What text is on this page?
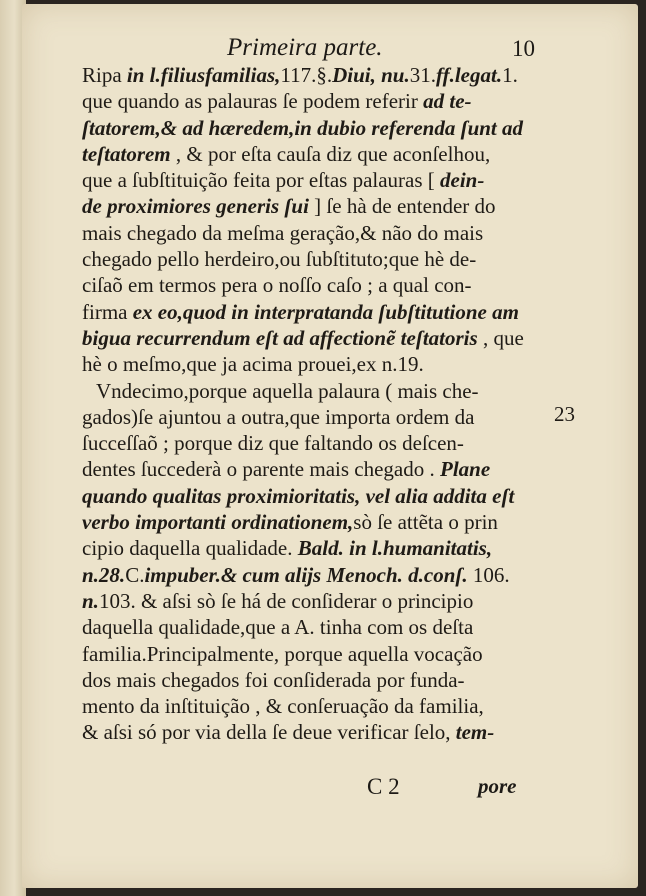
Primeira parte.	10
Ripa in l.filiusfamilias,117.§.Diui, nu.31.ff.legat.1.
que quando as palauras ſe podem referir ad te-
ſtatorem,& ad hæredem,in dubio referenda ſunt ad
teſtatorem , & por eſta cauſa diz que aconſelhou,
que a ſubſtituição feita por eſtas palauras [ dein-
de proximiores generis ſui ] ſe hà de entender do
mais chegado da meſma geração,& não do mais
chegado pello herdeiro,ou ſubſtituto;que hè de-
ciſaõ em termos pera o noſſo caſo ; a qual con-
firma ex eo,quod in interpratanda ſubſtitutione am
bigua recurrendum eſt ad affectionẽ teſtatoris , que
hè o meſmo,que ja acima prouei,ex n.19.
Vndecimo,porque aquella palaura ( mais che-
gados)ſe ajuntou a outra,que importa ordem da
ſucceſſaõ ; porque diz que faltando os deſcen-
dentes ſuccederà o parente mais chegado . Plane
quando qualitas proximioritatis, vel alia addita eſt
verbo importanti ordinationem,sò ſe attẽta o prin
cipio daquella qualidade. Bald. in l.humanitatis,
n.28.C.impuber.& cum alijs Menoch. d.conſ. 106.
n.103. & aſsi sò ſe há de conſiderar o principio
daquella qualidade,que a A. tinha com os deſta
familia.Principalmente, porque aquella vocação
dos mais chegados foi conſiderada por funda-
mento da inſtituição , & conſeruação da familia,
& aſsi só por via della ſe deue verificar ſelo, tem-
23
C 2	pore
